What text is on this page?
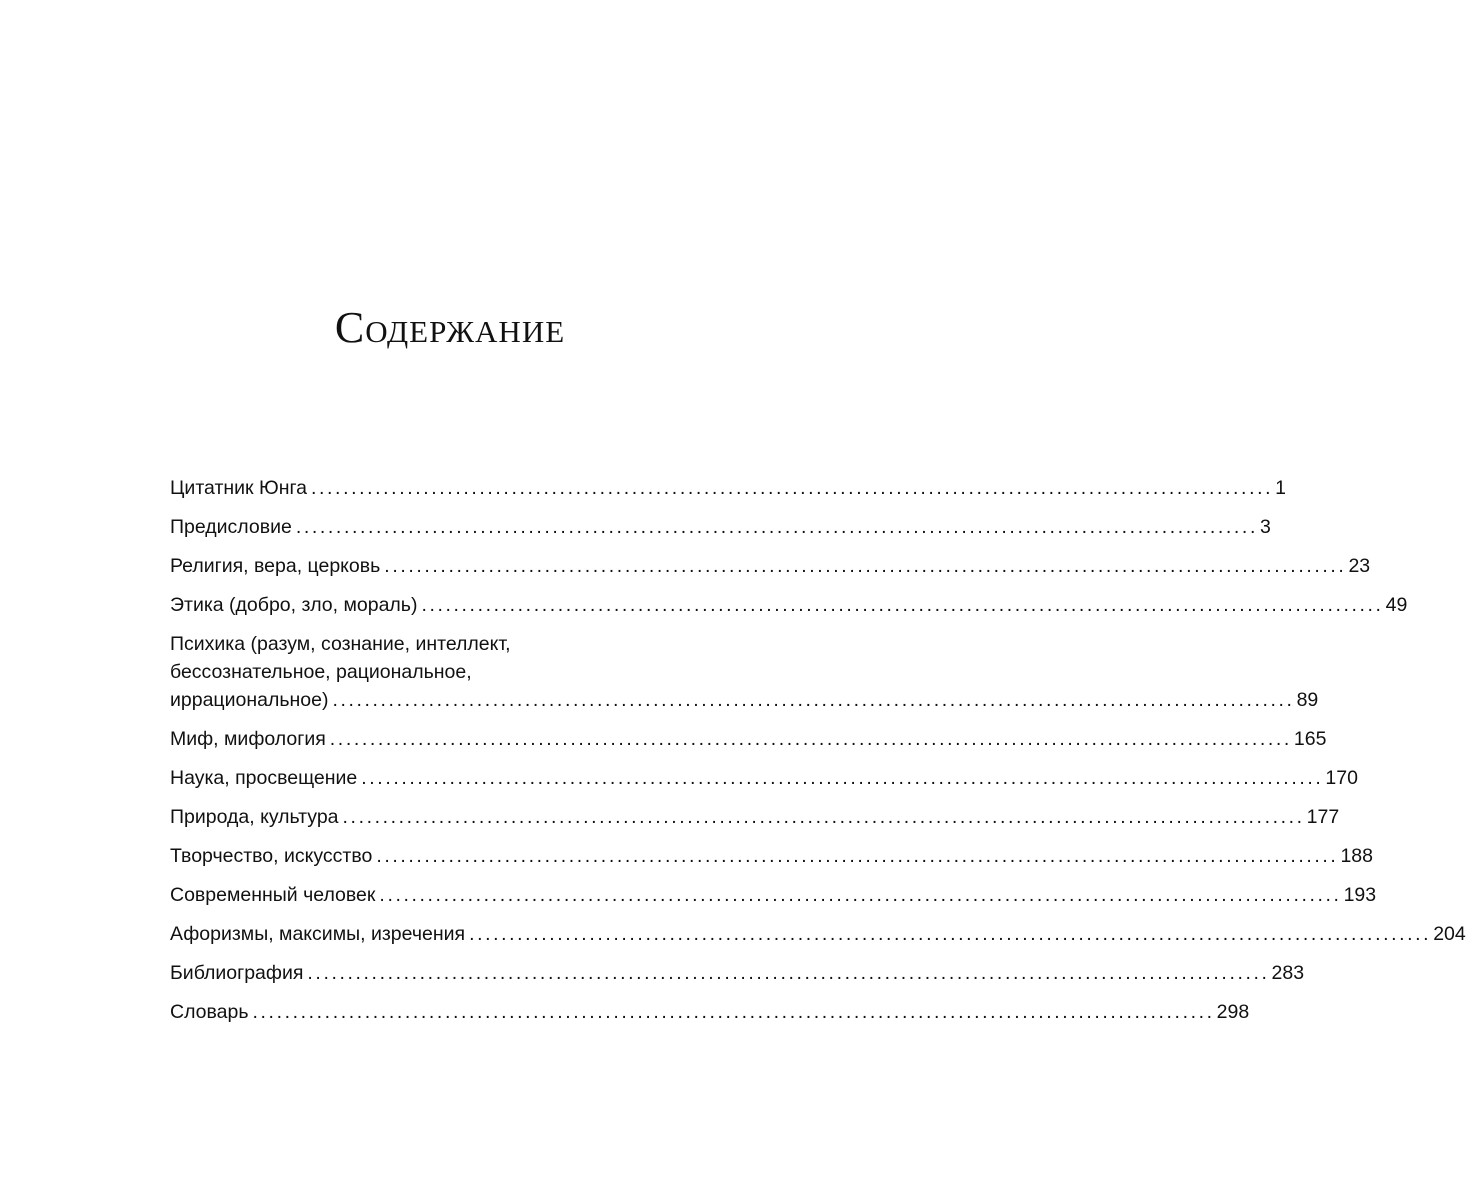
Содержание
Цитатник Юнга ........................................................................................................................ 1
Предисловие ........................................................................................................................ 3
Религия, вера, церковь ........................................................................................................................ 23
Этика (добро, зло, мораль) ........................................................................................................................ 49
Психика (разум, сознание, интеллект,
бессознательное, рациональное,
иррациональное) ........................................................................................................................ 89
Миф, мифология ........................................................................................................................ 165
Наука, просвещение ........................................................................................................................ 170
Природа, культура ........................................................................................................................ 177
Творчество, искусство ........................................................................................................................ 188
Современный человек ........................................................................................................................ 193
Афоризмы, максимы, изречения ........................................................................................................................ 204
Библиография ........................................................................................................................ 283
Словарь ........................................................................................................................ 298
